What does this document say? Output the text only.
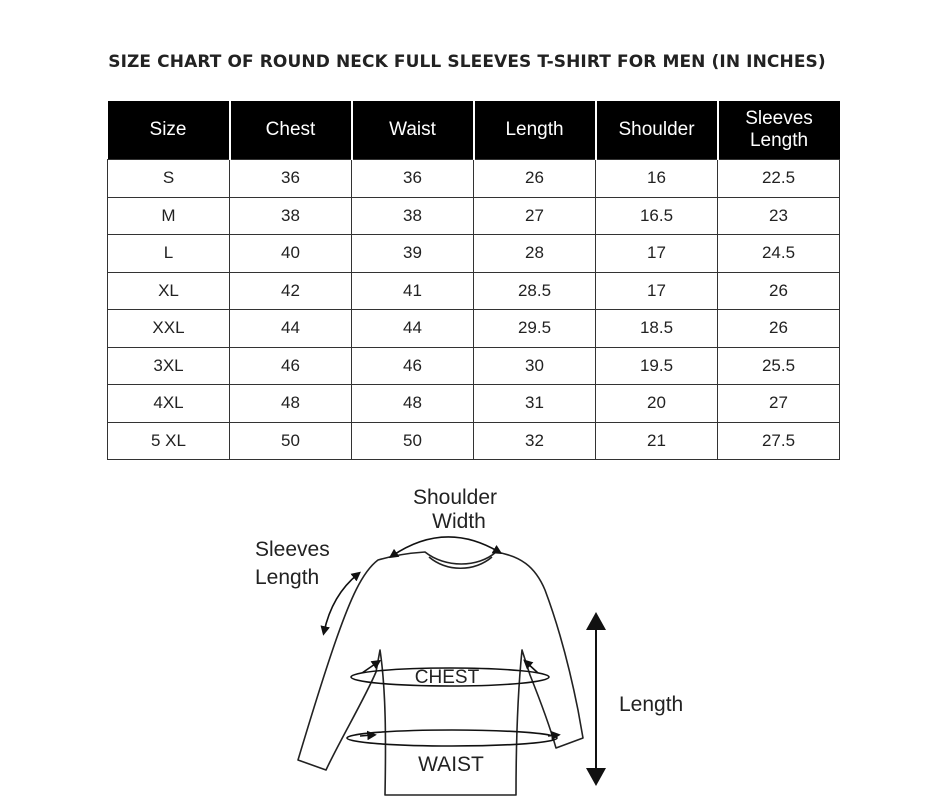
SIZE CHART OF ROUND NECK FULL SLEEVES T-SHIRT FOR MEN (IN INCHES)
Size	Chest	Waist	Length	Shoulder	Sleeves Length
S	36	36	26	16	22.5
M	38	38	27	16.5	23
L	40	39	28	17	24.5
XL	42	41	28.5	17	26
XXL	44	44	29.5	18.5	26
3XL	46	46	30	19.5	25.5
4XL	48	48	31	20	27
5 XL	50	50	32	21	27.5
Shoulder
Width
Sleeves
Length
CHEST
WAIST
Length
